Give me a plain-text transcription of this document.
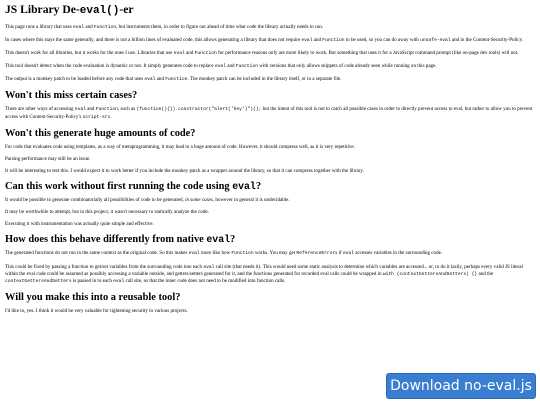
JS Library De-eval()-er

This page runs a library that uses eval and Function, but instruments them, in order to figure out ahead of time what code the library actually needs to run.

In cases where this stays the same generally, and there is not a billion lines of evaluated code, this allows generating a library that does not require eval and Function to be used, so you can do away with unsafe-eval and in the Content-Security-Policy.

This doesn't work for all libraries, but it works for the ones I use. Libraries that use eval and Function for performance reasons only are more likely to work. But something that uses it for a JavaScript command prompt (like on-page dev tools) will not.

This tool doesn't detect when the code evaluation is dynamic or not. It simply generates code to replace eval and Function with versions that only allows snippets of code already seen while running on this page.

The output is a monkey patch to be loaded before any code that uses eval and Function. The monkey patch can be included in the library itself, or in a separate file.

Won't this miss certain cases?

There are other ways of accessing eval and Function, such as (function(){}).constructor("alert('hey')")(); but the intent of this tool is not to catch all possible cases in order to directly prevent access to eval, but rather to allow you to prevent access with Content-Security-Policy's script-src.

Won't this generate huge amounts of code?

For code that evaluates code using templates, as a way of metaprogramming, it may lead to a huge amount of code. However, it should compress well, as it is very repetitive.

Parsing performance may still be an issue.

It will be interesting to test this. I would expect it to work better if you include the monkey patch as a wrapper around the library, so that it can compress together with the library.

Can this work without first running the code using eval?

It would be possible to generate combinatorially all possibilities of code to be generated, in some cases, however in general it is undecidable.

It may be worthwhile to attempt, but in this project, it wasn't necessary to statically analyze the code.

Executing it with instrumentation was actually quite simple and effective.

How does this behave differently from native eval?

The generated functions do not run in the same context as the original code. So this makes eval more like how Function works. You may get ReferenceErrors if eval accesses variables in the surrounding code.

This could be fixed by passing a function to get/set variables from the surrounding code into each eval call site (that needs it). This would need some static analysis to determine which variables are accessed... or, to do it lazily, perhaps every valid JS literal within the eval code could be assumed as possibly accessing a variable outside, and getters/setters generated for it, and the functions generated for recorded eval calls could be wrapped in with (contextGettersAndSetters) {} and the contextGettersAndSetters is passed in to each eval call site, so that the inner code does not need to be modified into function calls.

Will you make this into a reusable tool?

I'd like to, yes. I think it would be very valuable for tightening security in various projects.

Download no-eval.js
